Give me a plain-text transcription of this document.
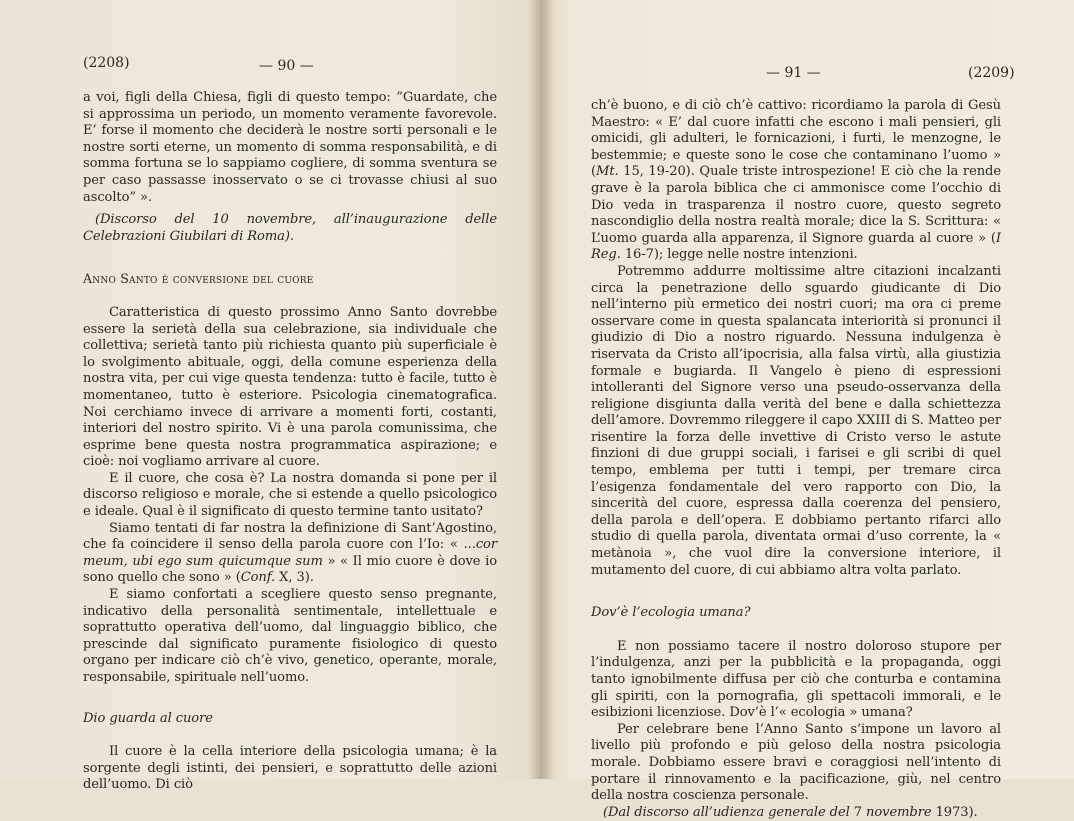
(2208)	— 90 —

a voi, figli della Chiesa, figli di questo tempo: ”Guardate, che si approssima un periodo, un momento veramente favorevole. E’ forse il momento che deciderà le nostre sorti personali e le nostre sorti eterne, un momento di somma responsabilità, e di somma fortuna se lo sappiamo cogliere, di somma sventura se per caso passasse inosservato o se ci trovasse chiusi al suo ascolto” ».

(Discorso del 10 novembre, all’inaugurazione delle Celebrazioni Giubilari di Roma).

Anno Santo è conversione del cuore

Caratteristica di questo prossimo Anno Santo dovrebbe essere la serietà della sua celebrazione, sia individuale che collettiva; serietà tanto più richiesta quanto più superficiale è lo svolgimento abituale, oggi, della comune esperienza della nostra vita, per cui vige questa tendenza: tutto è facile, tutto è momentaneo, tutto è esteriore. Psicologia cinematografica. Noi cerchiamo invece di arrivare a momenti forti, costanti, interiori del nostro spirito. Vi è una parola comunissima, che esprime bene questa nostra programmatica aspirazione; e cioè: noi vogliamo arrivare al cuore.

E il cuore, che cosa è? La nostra domanda si pone per il discorso religioso e morale, che si estende a quello psicologico e ideale. Qual è il significato di questo termine tanto usitato?

Siamo tentati di far nostra la definizione di Sant’Agostino, che fa coincidere il senso della parola cuore con l’Io: « ...cor meum, ubi ego sum quicumque sum » « Il mio cuore è dove io sono quello che sono » (Conf. X, 3).

E siamo confortati a scegliere questo senso pregnante, indicativo della personalità sentimentale, intellettuale e soprattutto operativa dell’uomo, dal linguaggio biblico, che prescinde dal significato puramente fisiologico di questo organo per indicare ciò ch’è vivo, genetico, operante, morale, responsabile, spirituale nell’uomo.

Dio guarda al cuore

Il cuore è la cella interiore della psicologia umana; è la sorgente degli istinti, dei pensieri, e soprattutto delle azioni dell’uomo. Di ciò

— 91 —	(2209)

ch’è buono, e di ciò ch’è cattivo: ricordiamo la parola di Gesù Maestro: « E’ dal cuore infatti che escono i mali pensieri, gli omicidi, gli adulteri, le fornicazioni, i furti, le menzogne, le bestemmie; e queste sono le cose che contaminano l’uomo » (Mt. 15, 19-20). Quale triste introspezione! E ciò che la rende grave è la parola biblica che ci ammonisce come l’occhio di Dio veda in trasparenza il nostro cuore, questo segreto nascondiglio della nostra realtà morale; dice la S. Scrittura: « L’uomo guarda alla apparenza, il Signore guarda al cuore » (I Reg. 16-7); legge nelle nostre intenzioni.

Potremmo addurre moltissime altre citazioni incalzanti circa la penetrazione dello sguardo giudicante di Dio nell’interno più ermetico dei nostri cuori; ma ora ci preme osservare come in questa spalancata interiorità si pronunci il giudizio di Dio a nostro riguardo. Nessuna indulgenza è riservata da Cristo all’ipocrisia, alla falsa virtù, alla giustizia formale e bugiarda. Il Vangelo è pieno di espressioni intolleranti del Signore verso una pseudo-osservanza della religione disgiunta dalla verità del bene e dalla schiettezza dell’amore. Dovremmo rileggere il capo XXIII di S. Matteo per risentire la forza delle invettive di Cristo verso le astute finzioni di due gruppi sociali, i farisei e gli scribi di quel tempo, emblema per tutti i tempi, per tremare circa l’esigenza fondamentale del vero rapporto con Dio, la sincerità del cuore, espressa dalla coerenza del pensiero, della parola e dell’opera. E dobbiamo pertanto rifarci allo studio di quella parola, diventata ormai d’uso corrente, la « metànoia », che vuol dire la conversione interiore, il mutamento del cuore, di cui abbiamo altra volta parlato.

Dov’è l’ecologia umana?

E non possiamo tacere il nostro doloroso stupore per l’indulgenza, anzi per la pubblicità e la propaganda, oggi tanto ignobilmente diffusa per ciò che conturba e contamina gli spiriti, con la pornografia, gli spettacoli immorali, e le esibizioni licenziose. Dov’è l’« ecologia » umana?

Per celebrare bene l’Anno Santo s’impone un lavoro al livello più profondo e più geloso della nostra psicologia morale. Dobbiamo essere bravi e coraggiosi nell’intento di portare il rinnovamento e la pacificazione, giù, nel centro della nostra coscienza personale.

(Dal discorso all’udienza generale del 7 novembre 1973).
